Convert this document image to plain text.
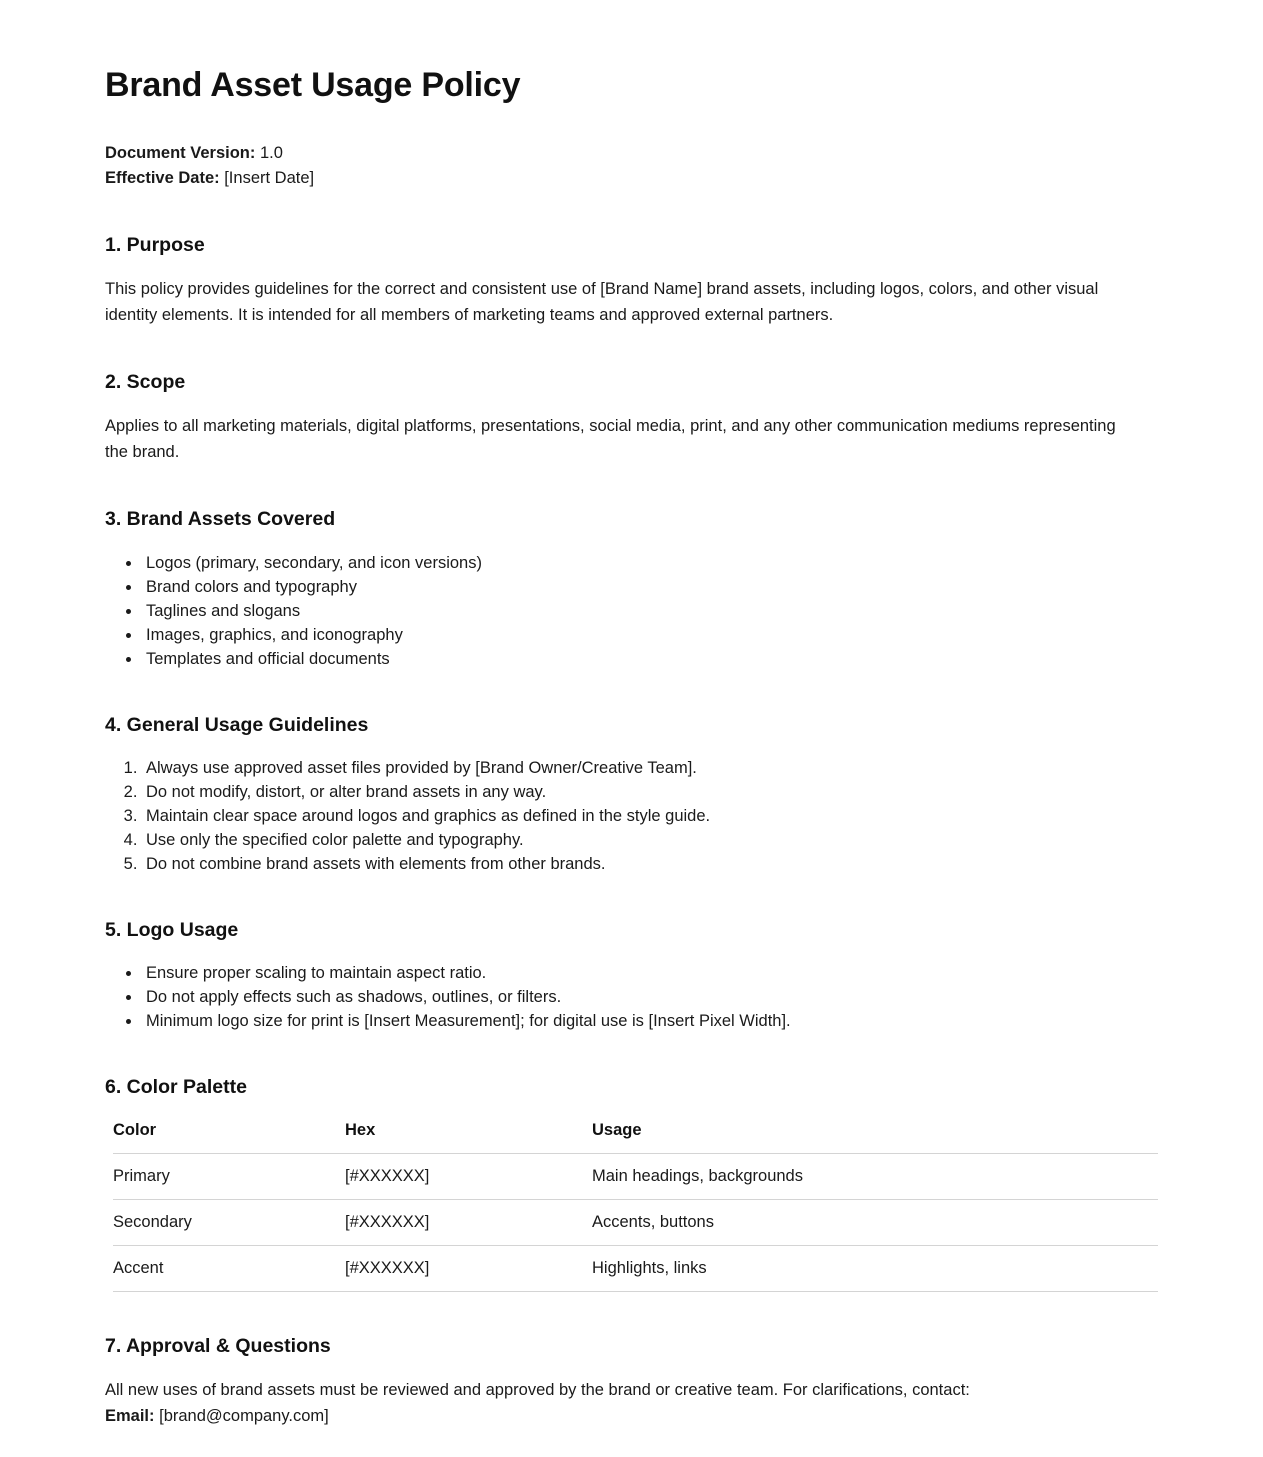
Brand Asset Usage Policy

Document Version: 1.0

Effective Date: [Insert Date]

1. Purpose

This policy provides guidelines for the correct and consistent use of [Brand Name] brand assets, including logos, colors, and other visual identity elements. It is intended for all members of marketing teams and approved external partners.

2. Scope

Applies to all marketing materials, digital platforms, presentations, social media, print, and any other communication mediums representing the brand.

3. Brand Assets Covered
• Logos (primary, secondary, and icon versions)
• Brand colors and typography
• Taglines and slogans
• Images, graphics, and iconography
• Templates and official documents
4. General Usage Guidelines
1. Always use approved asset files provided by [Brand Owner/Creative Team].
2. Do not modify, distort, or alter brand assets in any way.
3. Maintain clear space around logos and graphics as defined in the style guide.
4. Use only the specified color palette and typography.
5. Do not combine brand assets with elements from other brands.
5. Logo Usage
• Ensure proper scaling to maintain aspect ratio.
• Do not apply effects such as shadows, outlines, or filters.
• Minimum logo size for print is [Insert Measurement]; for digital use is [Insert Pixel Width].
6. Color Palette
Color	Hex	Usage
Primary	[#XXXXXX]	Main headings, backgrounds
Secondary	[#XXXXXX]	Accents, buttons
Accent	[#XXXXXX]	Highlights, links
7. Approval & Questions

All new uses of brand assets must be reviewed and approved by the brand or creative team. For clarifications, contact:

Email: [brand@company.com]
